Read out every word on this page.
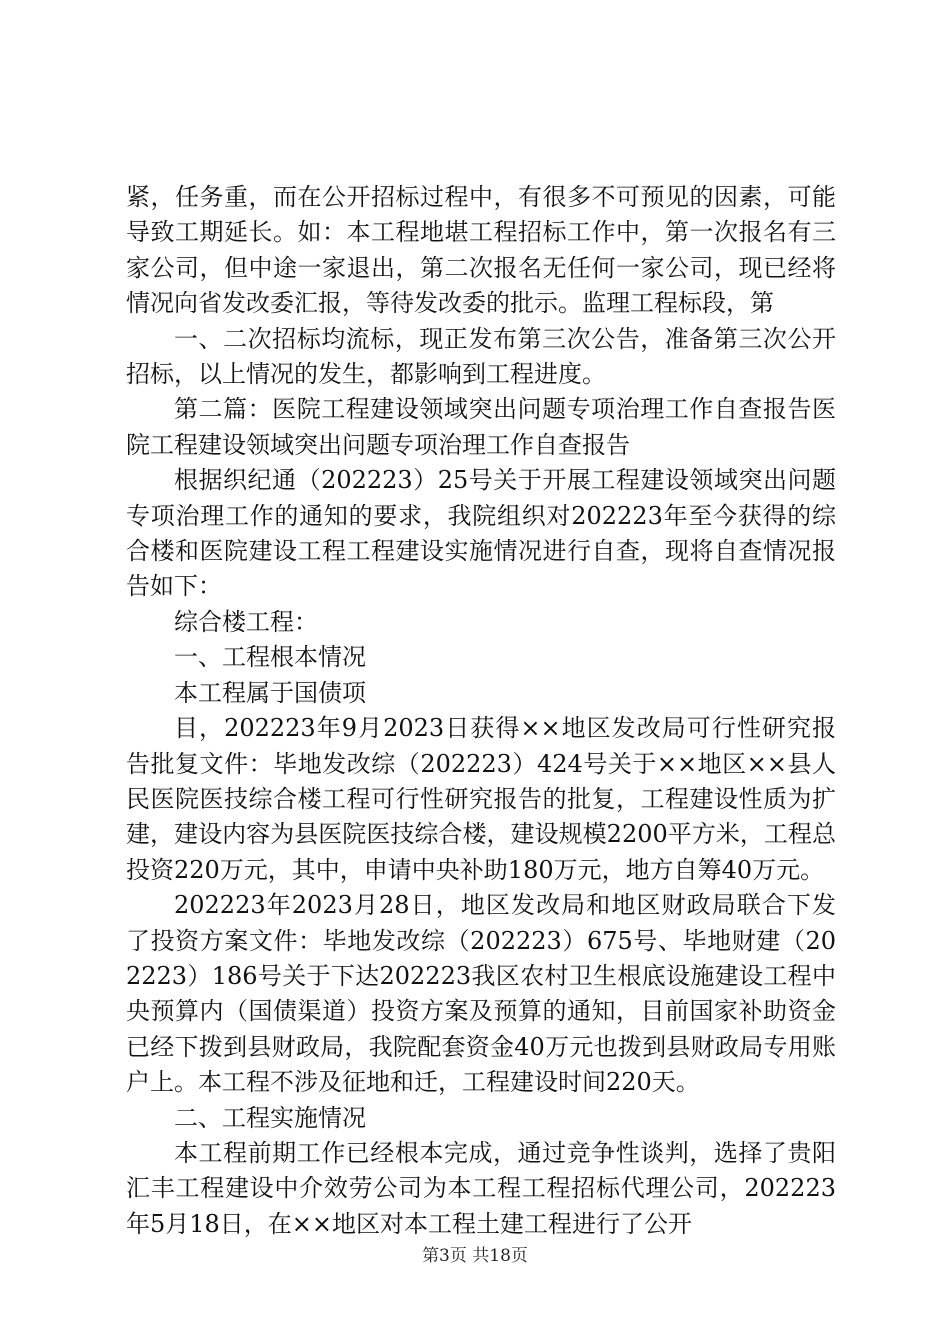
紧，任务重，而在公开招标过程中，有很多不可预见的因素，可能导致工期延长。如：本工程地堪工程招标工作中，第一次报名有三家公司，但中途一家退出，第二次报名无任何一家公司，现已经将情况向省发改委汇报，等待发改委的批示。监理工程标段，第

一、二次招标均流标，现正发布第三次公告，准备第三次公开招标，以上情况的发生，都影响到工程进度。

第二篇：医院工程建设领域突出问题专项治理工作自查报告医院工程建设领域突出问题专项治理工作自查报告

根据织纪通（202223）25号关于开展工程建设领域突出问题专项治理工作的通知的要求，我院组织对202223年至今获得的综合楼和医院建设工程工程建设实施情况进行自查，现将自查情况报告如下：

综合楼工程：

一、工程根本情况

本工程属于国债项

目，202223年9月2023日获得××地区发改局可行性研究报告批复文件：毕地发改综（202223）424号关于××地区××县人民医院医技综合楼工程可行性研究报告的批复，工程建设性质为扩建，建设内容为县医院医技综合楼，建设规模2200平方米，工程总投资220万元，其中，申请中央补助180万元，地方自筹40万元。

202223年2023月28日，地区发改局和地区财政局联合下发了投资方案文件：毕地发改综（202223）675号、毕地财建（202223）186号关于下达202223我区农村卫生根底设施建设工程中央预算内（国债渠道）投资方案及预算的通知，目前国家补助资金已经下拨到县财政局，我院配套资金40万元也拨到县财政局专用账户上。本工程不涉及征地和迁，工程建设时间220天。

二、工程实施情况

本工程前期工作已经根本完成，通过竞争性谈判，选择了贵阳汇丰工程建设中介效劳公司为本工程工程招标代理公司，202223年5月18日，在××地区对本工程土建工程进行了公开

第3页 共18页
